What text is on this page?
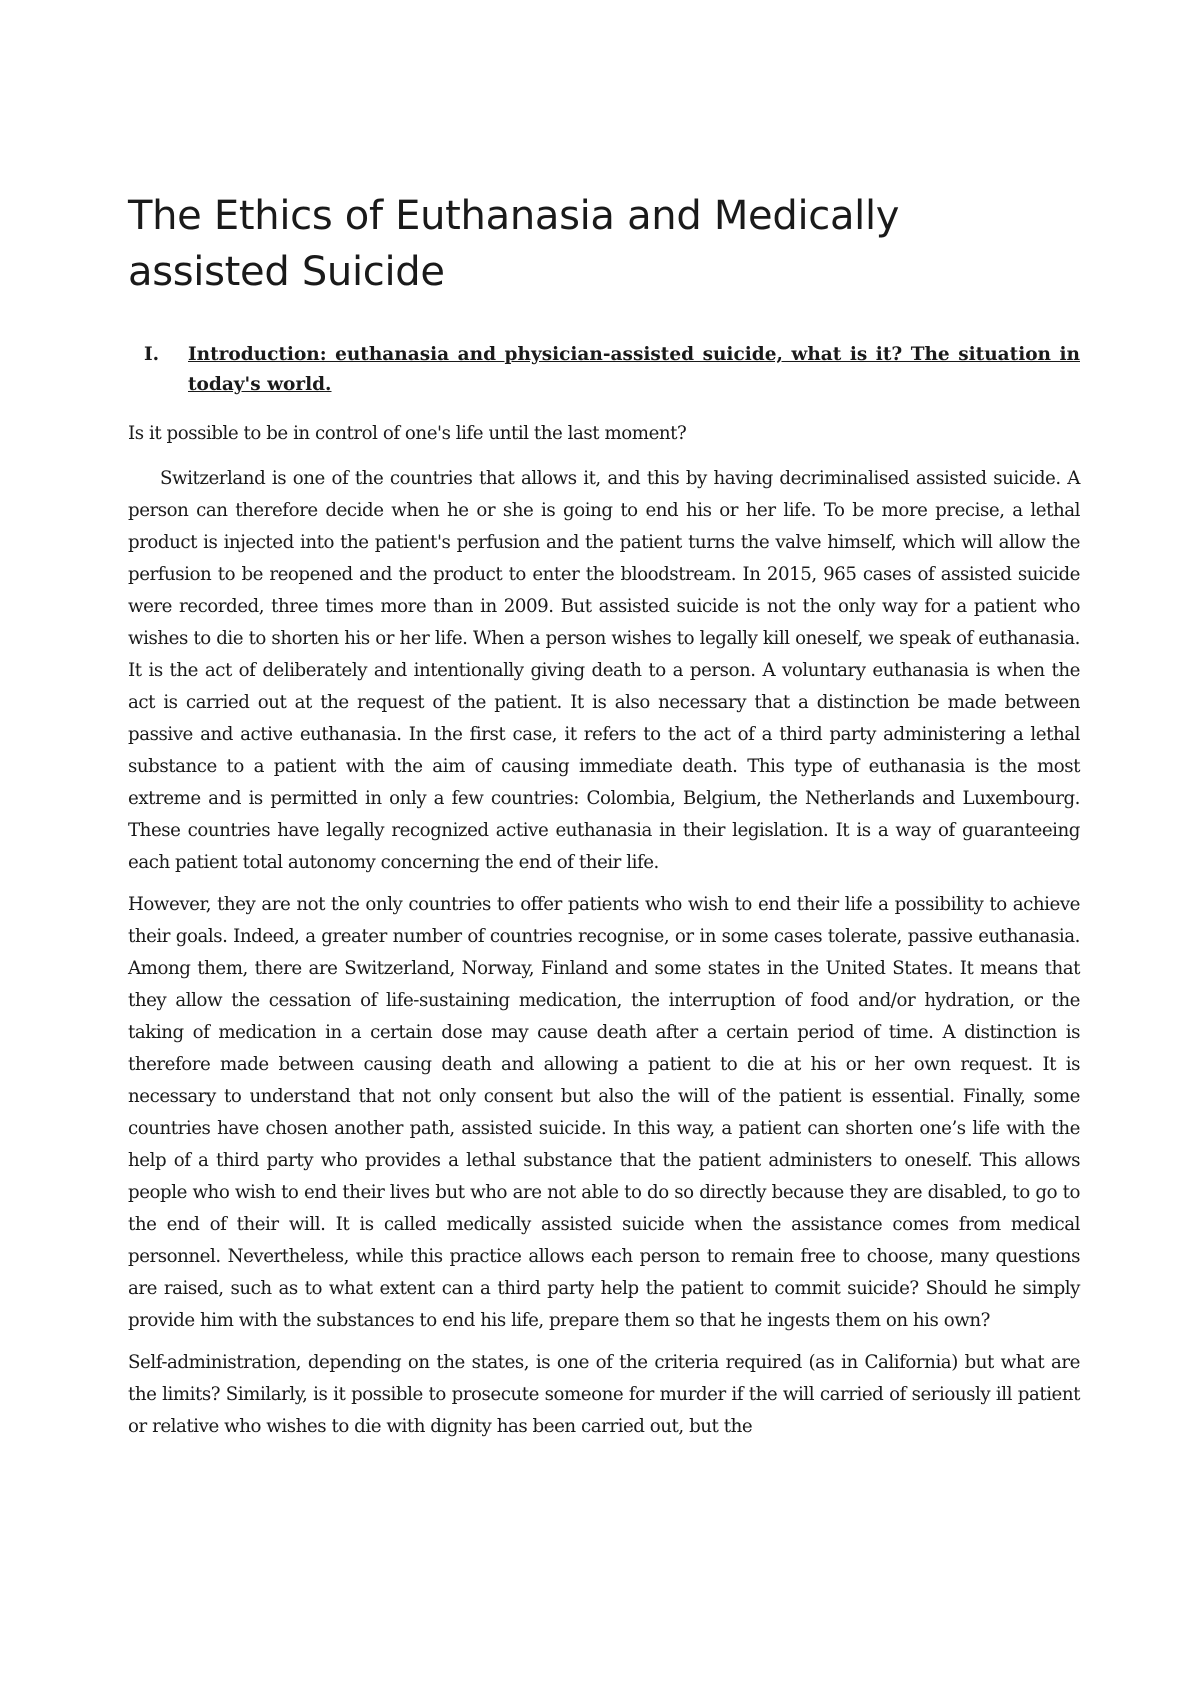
The Ethics of Euthanasia and Medically
assisted Suicide
I. Introduction: euthanasia and physician-assisted suicide, what is it? The situation in today's world.

Is it possible to be in control of one's life until the last moment?

Switzerland is one of the countries that allows it, and this by having decriminalised assisted suicide. A person can therefore decide when he or she is going to end his or her life. To be more precise, a lethal product is injected into the patient's perfusion and the patient turns the valve himself, which will allow the perfusion to be reopened and the product to enter the bloodstream. In 2015, 965 cases of assisted suicide were recorded, three times more than in 2009. But assisted suicide is not the only way for a patient who wishes to die to shorten his or her life. When a person wishes to legally kill oneself, we speak of euthanasia. It is the act of deliberately and intentionally giving death to a person. A voluntary euthanasia is when the act is carried out at the request of the patient. It is also necessary that a distinction be made between passive and active euthanasia. In the first case, it refers to the act of a third party administering a lethal substance to a patient with the aim of causing immediate death. This type of euthanasia is the most extreme and is permitted in only a few countries: Colombia, Belgium, the Netherlands and Luxembourg. These countries have legally recognized active euthanasia in their legislation. It is a way of guaranteeing each patient total autonomy concerning the end of their life.

However, they are not the only countries to offer patients who wish to end their life a possibility to achieve their goals. Indeed, a greater number of countries recognise, or in some cases tolerate, passive euthanasia. Among them, there are Switzerland, Norway, Finland and some states in the United States. It means that they allow the cessation of life-sustaining medication, the interruption of food and/or hydration, or the taking of medication in a certain dose may cause death after a certain period of time. A distinction is therefore made between causing death and allowing a patient to die at his or her own request. It is necessary to understand that not only consent but also the will of the patient is essential. Finally, some countries have chosen another path, assisted suicide. In this way, a patient can shorten one’s life with the help of a third party who provides a lethal substance that the patient administers to oneself. This allows people who wish to end their lives but who are not able to do so directly because they are disabled, to go to the end of their will. It is called medically assisted suicide when the assistance comes from medical personnel. Nevertheless, while this practice allows each person to remain free to choose, many questions are raised, such as to what extent can a third party help the patient to commit suicide? Should he simply provide him with the substances to end his life, prepare them so that he ingests them on his own?

Self-administration, depending on the states, is one of the criteria required (as in California) but what are the limits? Similarly, is it possible to prosecute someone for murder if the will carried of seriously ill patient or relative who wishes to die with dignity has been carried out, but the
